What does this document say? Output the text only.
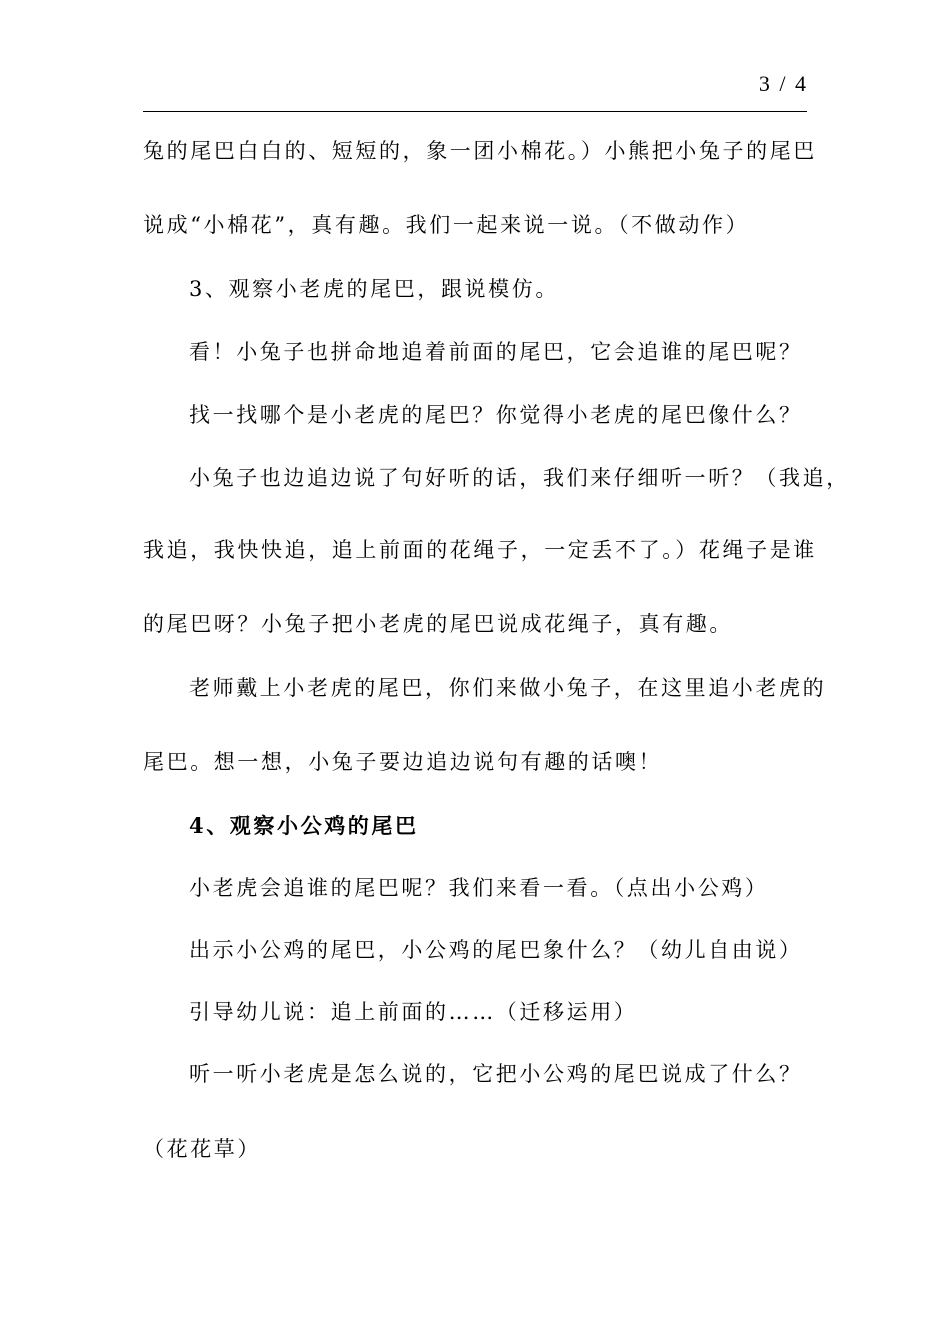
3 / 4
兔的尾巴白白的、短短的，象一团小棉花。）小熊把小兔子的尾巴
说成“小棉花”，真有趣。我们一起来说一说。（不做动作）
3、观察小老虎的尾巴，跟说模仿。
看！小兔子也拼命地追着前面的尾巴，它会追谁的尾巴呢？
找一找哪个是小老虎的尾巴？你觉得小老虎的尾巴像什么？
小兔子也边追边说了句好听的话，我们来仔细听一听？（我追，
我追，我快快追，追上前面的花绳子，一定丢不了。）花绳子是谁
的尾巴呀？小兔子把小老虎的尾巴说成花绳子，真有趣。
老师戴上小老虎的尾巴，你们来做小兔子，在这里追小老虎的
尾巴。想一想，小兔子要边追边说句有趣的话噢！
4、观察小公鸡的尾巴
小老虎会追谁的尾巴呢？我们来看一看。（点出小公鸡）
出示小公鸡的尾巴，小公鸡的尾巴象什么？（幼儿自由说）
引导幼儿说：追上前面的……（迁移运用）
听一听小老虎是怎么说的，它把小公鸡的尾巴说成了什么？
（花花草）
